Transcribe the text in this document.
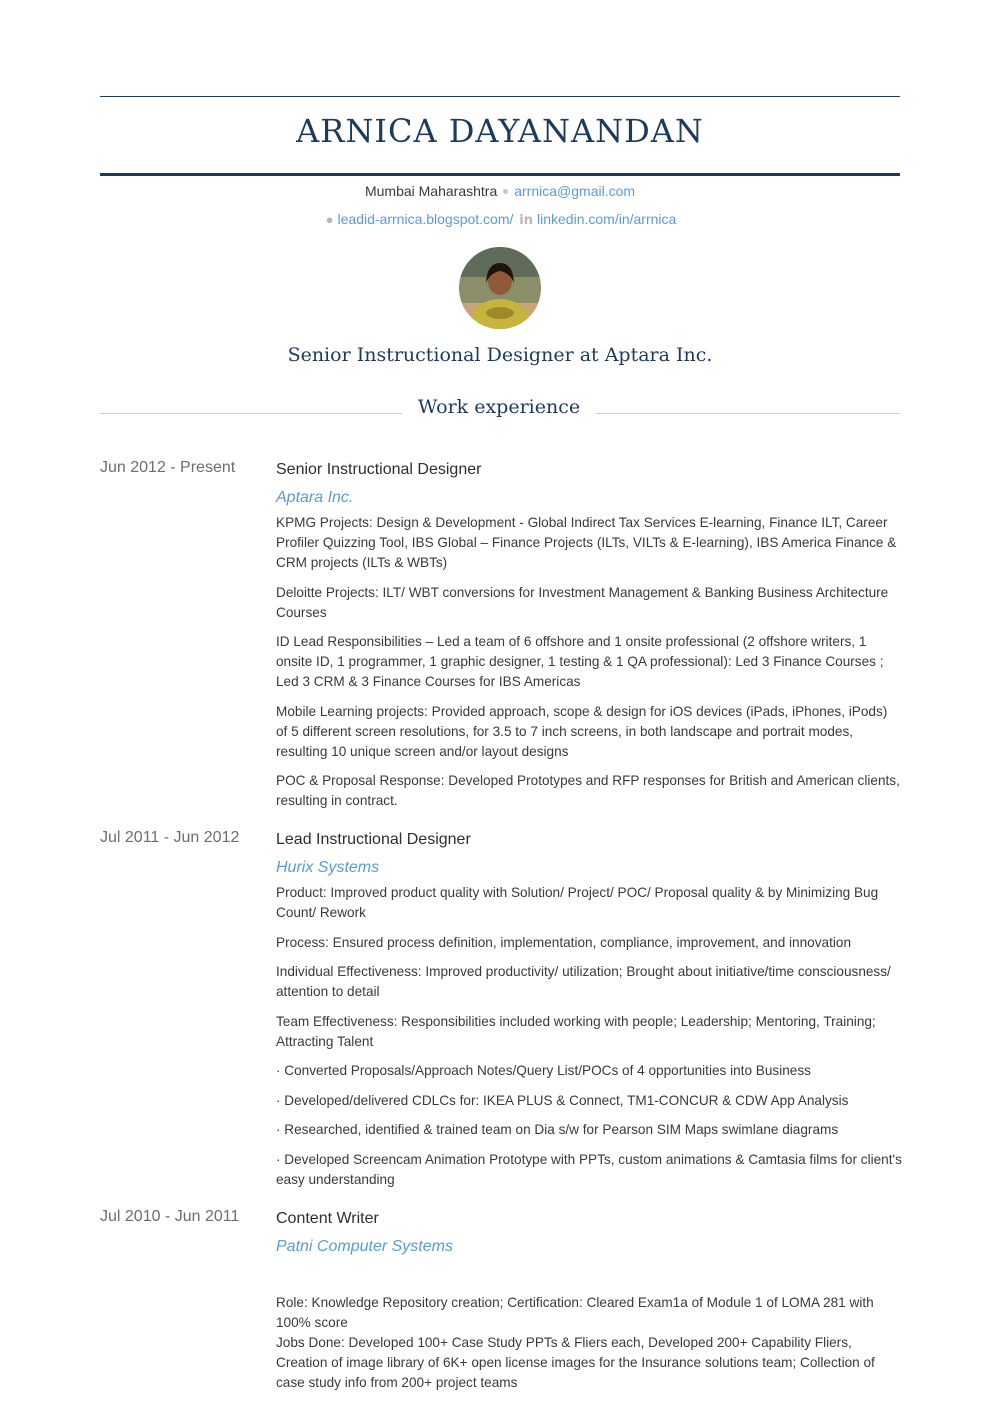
ARNICA DAYANANDAN
Mumbai Maharashtra arrnica@gmail.com
● leadid-arrnica.blogspot.com/ in linkedin.com/in/arrnica
Senior Instructional Designer at Aptara Inc.
Work experience
Jun 2012 - Present	Senior Instructional Designer
Aptara Inc.

KPMG Projects: Design & Development - Global Indirect Tax Services E-learning, Finance ILT, Career Profiler Quizzing Tool, IBS Global – Finance Projects (ILTs, VILTs & E-learning), IBS America Finance & CRM projects (ILTs & WBTs)

Deloitte Projects: ILT/ WBT conversions for Investment Management & Banking Business Architecture Courses

ID Lead Responsibilities – Led a team of 6 offshore and 1 onsite professional (2 offshore writers, 1 onsite ID, 1 programmer, 1 graphic designer, 1 testing & 1 QA professional): Led 3 Finance Courses ; Led 3 CRM & 3 Finance Courses for IBS Americas

Mobile Learning projects: Provided approach, scope & design for iOS devices (iPads, iPhones, iPods) of 5 different screen resolutions, for 3.5 to 7 inch screens, in both landscape and portrait modes, resulting 10 unique screen and/or layout designs

POC & Proposal Response: Developed Prototypes and RFP responses for British and American clients, resulting in contract.

Jul 2011 - Jun 2012	Lead Instructional Designer
Hurix Systems

Product: Improved product quality with Solution/ Project/ POC/ Proposal quality & by Minimizing Bug Count/ Rework

Process: Ensured process definition, implementation, compliance, improvement, and innovation

Individual Effectiveness: Improved productivity/ utilization; Brought about initiative/time consciousness/ attention to detail

Team Effectiveness: Responsibilities included working with people; Leadership; Mentoring, Training; Attracting Talent

· Converted Proposals/Approach Notes/Query List/POCs of 4 opportunities into Business

· Developed/delivered CDLCs for: IKEA PLUS & Connect, TM1-CONCUR & CDW App Analysis

· Researched, identified & trained team on Dia s/w for Pearson SIM Maps swimlane diagrams

· Developed Screencam Animation Prototype with PPTs, custom animations & Camtasia films for client's easy understanding

Jul 2010 - Jun 2011	Content Writer
Patni Computer Systems

Role: Knowledge Repository creation; Certification: Cleared Exam1a of Module 1 of LOMA 281 with 100% score

Jobs Done: Developed 100+ Case Study PPTs & Fliers each, Developed 200+ Capability Fliers, Creation of image library of 6K+ open license images for the Insurance solutions team; Collection of case study info from 200+ project teams
